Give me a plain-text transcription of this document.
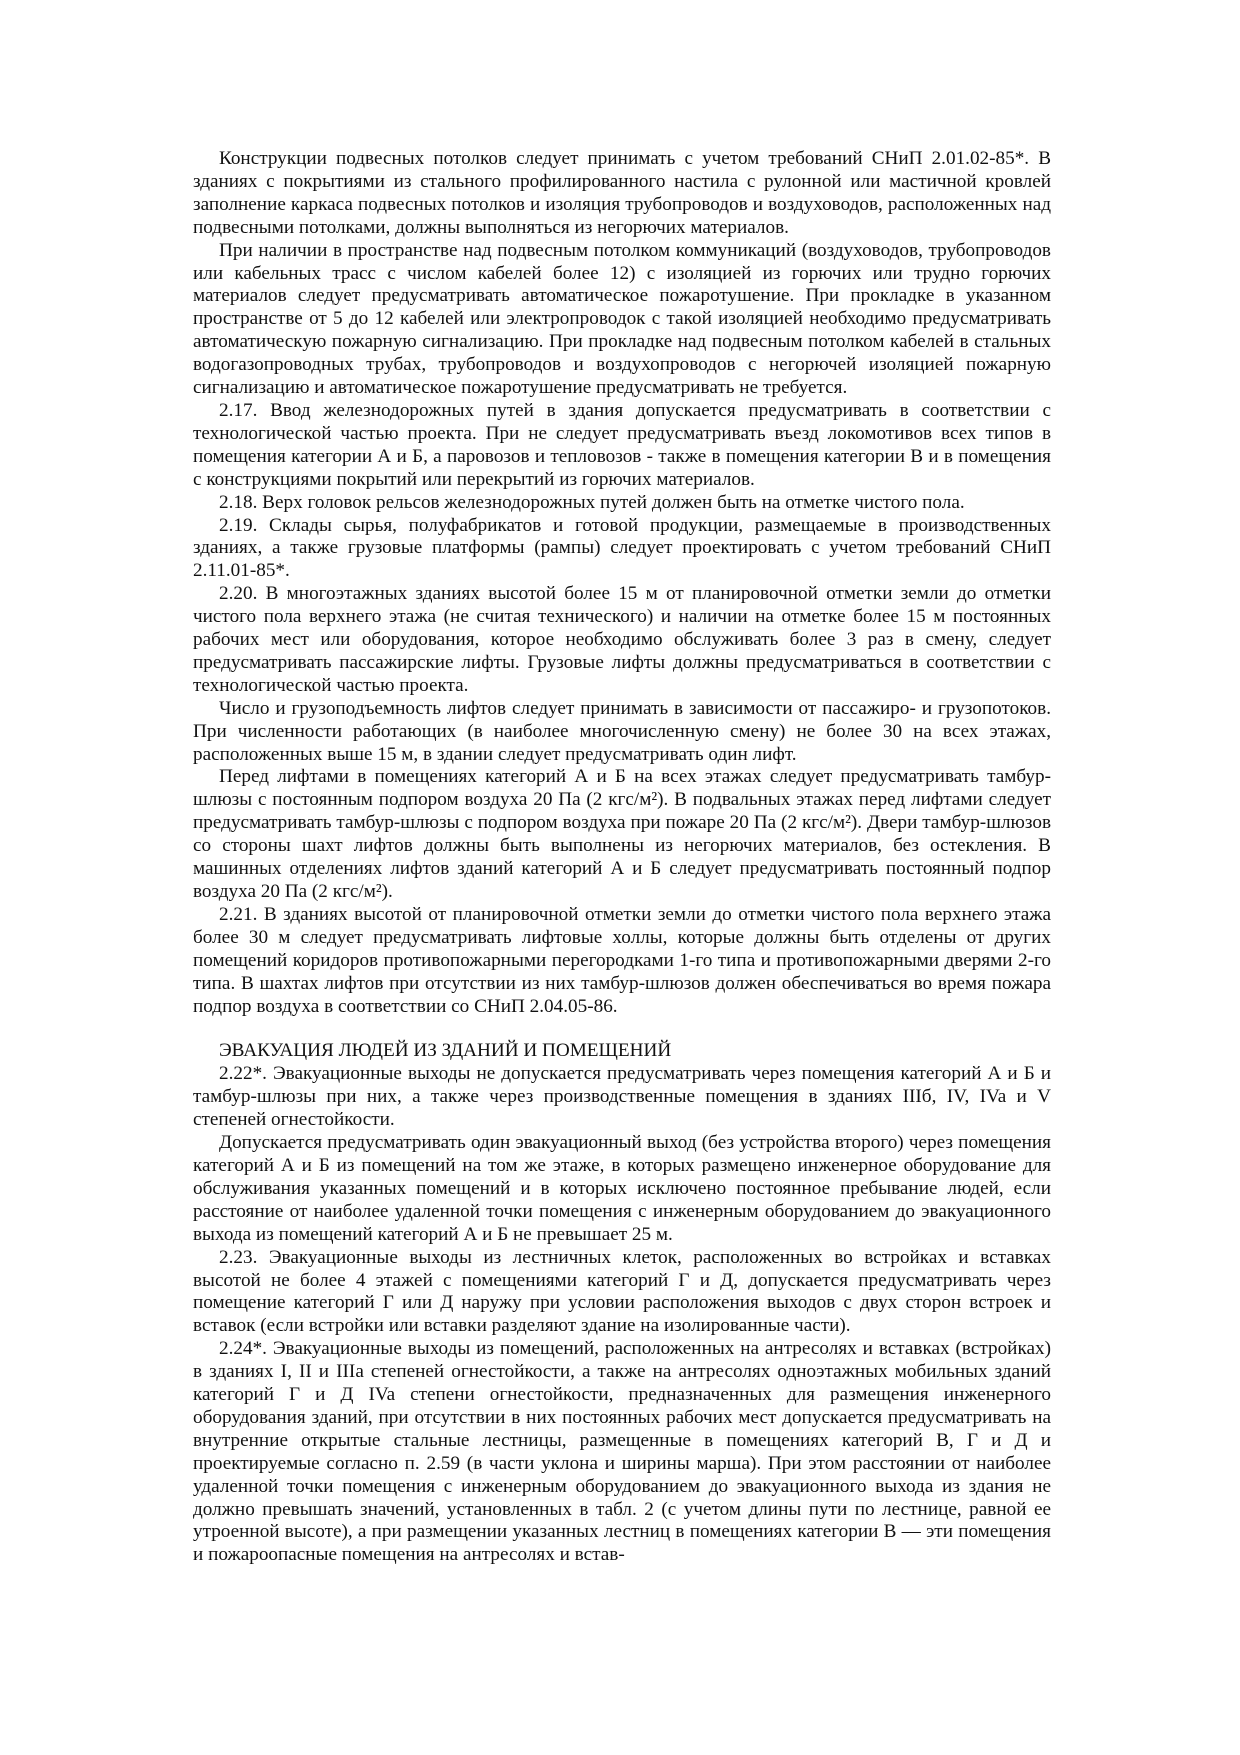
Конструкции подвесных потолков следует принимать с учетом требований СНиП 2.01.02-85*. В зданиях с покрытиями из стального профилированного настила с рулонной или мастичной кровлей заполнение каркаса подвесных потолков и изоляция трубопроводов и воздуховодов, расположенных над подвесными потолками, должны выполняться из негорючих материалов.

При наличии в пространстве над подвесным потолком коммуникаций (воздуховодов, трубопроводов или кабельных трасс с числом кабелей более 12) с изоляцией из горючих или трудно горючих материалов следует предусматривать автоматическое пожаротушение. При прокладке в указанном пространстве от 5 до 12 кабелей или электропроводок с такой изоляцией необходимо предусматривать автоматическую пожарную сигнализацию. При прокладке над подвесным потолком кабелей в стальных водогазопроводных трубах, трубопроводов и воздухопроводов с негорючей изоляцией пожарную сигнализацию и автоматическое пожаротушение предусматривать не требуется.

2.17. Ввод железнодорожных путей в здания допускается предусматривать в соответствии с технологической частью проекта. При не следует предусматривать въезд локомотивов всех типов в помещения категории А и Б, а паровозов и тепловозов - также в помещения категории В и в помещения с конструкциями покрытий или перекрытий из горючих материалов.

2.18. Верх головок рельсов железнодорожных путей должен быть на отметке чистого пола.

2.19. Склады сырья, полуфабрикатов и готовой продукции, размещаемые в производственных зданиях, а также грузовые платформы (рампы) следует проектировать с учетом требований СНиП 2.11.01-85*.

2.20. В многоэтажных зданиях высотой более 15 м от планировочной отметки земли до отметки чистого пола верхнего этажа (не считая технического) и наличии на отметке более 15 м постоянных рабочих мест или оборудования, которое необходимо обслуживать более 3 раз в смену, следует предусматривать пассажирские лифты. Грузовые лифты должны предусматриваться в соответствии с технологической частью проекта.

Число и грузоподъемность лифтов следует принимать в зависимости от пассажиро- и грузопотоков. При численности работающих (в наиболее многочисленную смену) не более 30 на всех этажах, расположенных выше 15 м, в здании следует предусматривать один лифт.

Перед лифтами в помещениях категорий А и Б на всех этажах следует предусматривать тамбур-шлюзы с постоянным подпором воздуха 20 Па (2 кгс/м²). В подвальных этажах перед лифтами следует предусматривать тамбур-шлюзы с подпором воздуха при пожаре 20 Па (2 кгс/м²). Двери тамбур-шлюзов со стороны шахт лифтов должны быть выполнены из негорючих материалов, без остекления. В машинных отделениях лифтов зданий категорий А и Б следует предусматривать постоянный подпор воздуха 20 Па (2 кгс/м²).

2.21. В зданиях высотой от планировочной отметки земли до отметки чистого пола верхнего этажа более 30 м следует предусматривать лифтовые холлы, которые должны быть отделены от других помещений коридоров противопожарными перегородками 1-го типа и противопожарными дверями 2-го типа. В шахтах лифтов при отсутствии из них тамбур-шлюзов должен обеспечиваться во время пожара подпор воздуха в соответствии со СНиП 2.04.05-86.

ЭВАКУАЦИЯ ЛЮДЕЙ ИЗ ЗДАНИЙ И ПОМЕЩЕНИЙ

2.22*. Эвакуационные выходы не допускается предусматривать через помещения категорий А и Б и тамбур-шлюзы при них, а также через производственные помещения в зданиях IIIб, IV, IVa и V степеней огнестойкости.

Допускается предусматривать один эвакуационный выход (без устройства второго) через помещения категорий А и Б из помещений на том же этаже, в которых размещено инженерное оборудование для обслуживания указанных помещений и в которых исключено постоянное пребывание людей, если расстояние от наиболее удаленной точки помещения с инженерным оборудованием до эвакуационного выхода из помещений категорий А и Б не превышает 25 м.

2.23. Эвакуационные выходы из лестничных клеток, расположенных во встройках и вставках высотой не более 4 этажей с помещениями категорий Г и Д, допускается предусматривать через помещение категорий Г или Д наружу при условии расположения выходов с двух сторон встроек и вставок (если встройки или вставки разделяют здание на изолированные части).

2.24*. Эвакуационные выходы из помещений, расположенных на антресолях и вставках (встройках) в зданиях I, II и IIIa степеней огнестойкости, а также на антресолях одноэтажных мобильных зданий категорий Г и Д IVa степени огнестойкости, предназначенных для размещения инженерного оборудования зданий, при отсутствии в них постоянных рабочих мест допускается предусматривать на внутренние открытые стальные лестницы, размещенные в помещениях категорий В, Г и Д и проектируемые согласно п. 2.59 (в части уклона и ширины марша). При этом расстоянии от наиболее удаленной точки помещения с инженерным оборудованием до эвакуационного выхода из здания не должно превышать значений, установленных в табл. 2 (с учетом длины пути по лестнице, равной ее утроенной высоте), а при размещении указанных лестниц в помещениях категории В — эти помещения и пожароопасные помещения на антресолях и встав-
